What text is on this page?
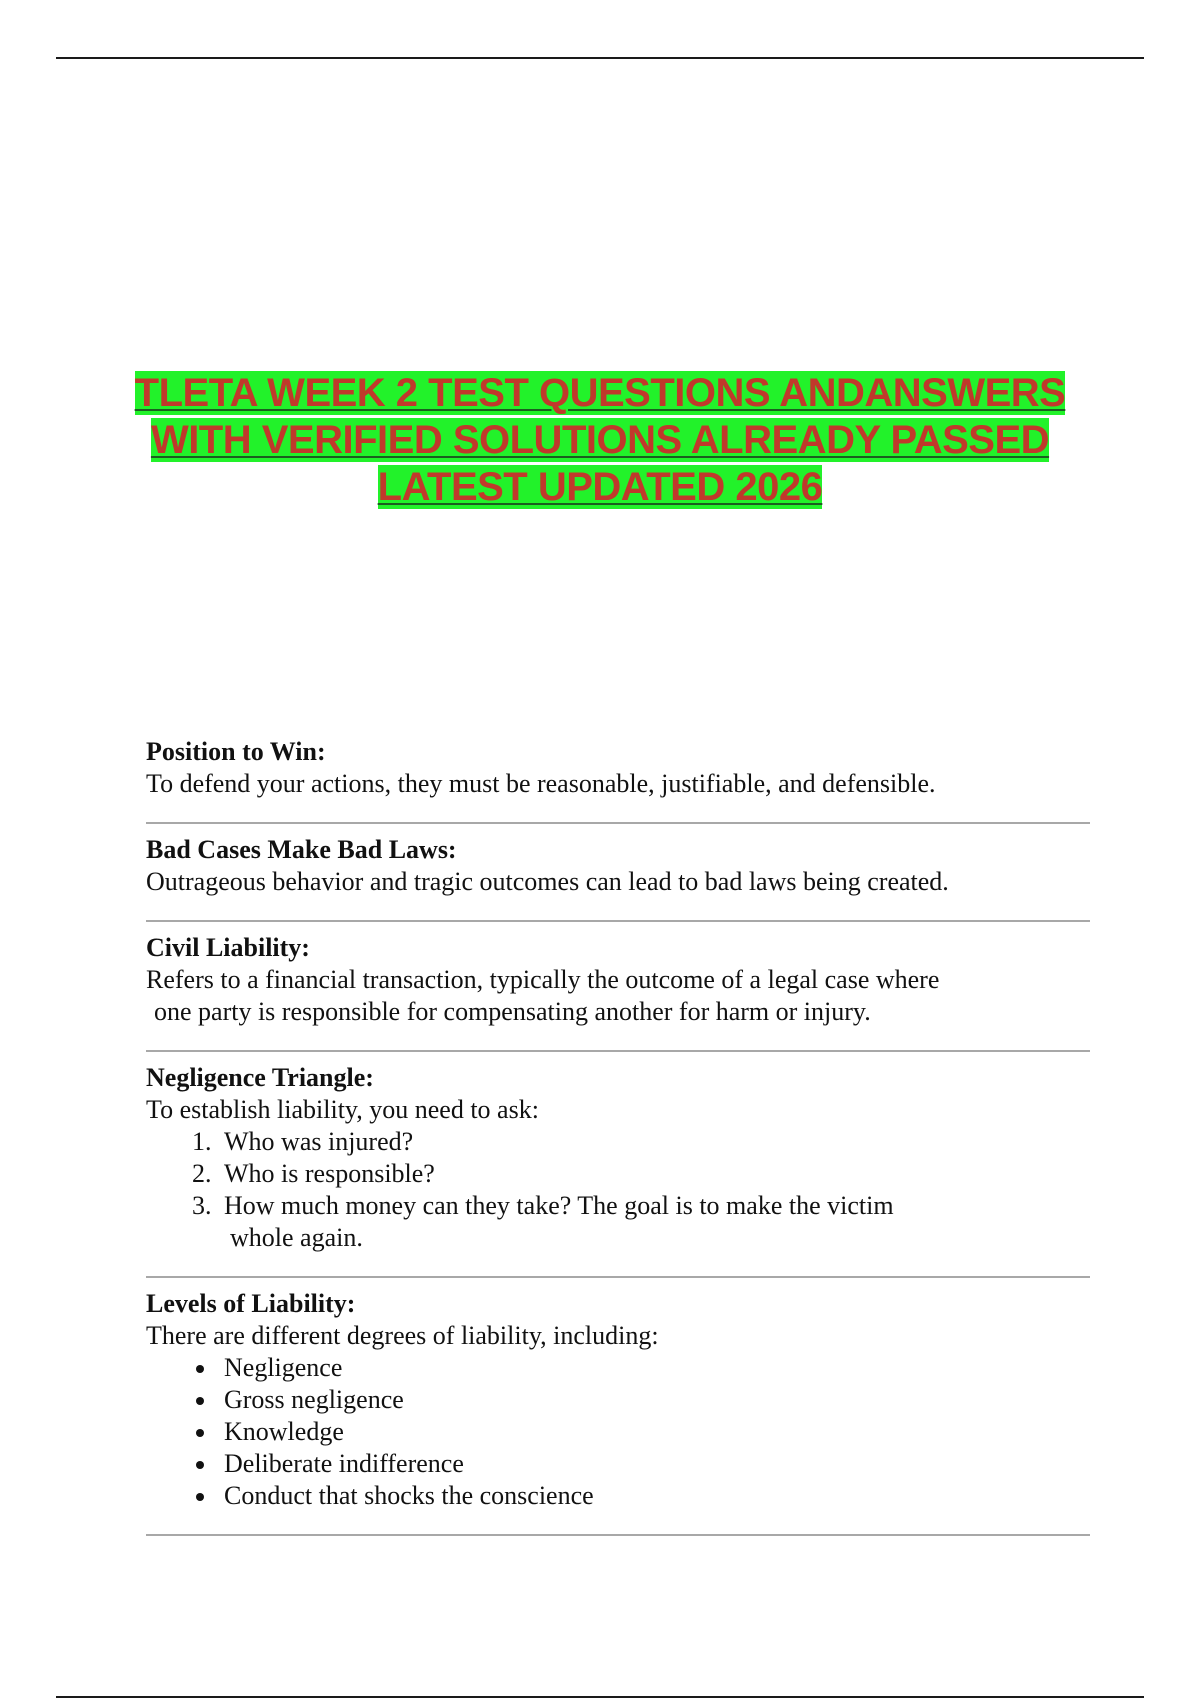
TLETA WEEK 2 TEST QUESTIONS ANDANSWERS
WITH VERIFIED SOLUTIONS ALREADY PASSED
LATEST UPDATED 2026
Position to Win:

To defend your actions, they must be reasonable, justifiable, and defensible.

Bad Cases Make Bad Laws:

Outrageous behavior and tragic outcomes can lead to bad laws being created.

Civil Liability:

Refers to a financial transaction, typically the outcome of a legal case where

one party is responsible for compensating another for harm or injury.

Negligence Triangle:

To establish liability, you need to ask:

1. Who was injured?
2. Who is responsible?
3. How much money can they take? The goal is to make the victim
whole again.
Levels of Liability:

There are different degrees of liability, including:

• Negligence
• Gross negligence
• Knowledge
• Deliberate indifference
• Conduct that shocks the conscience
